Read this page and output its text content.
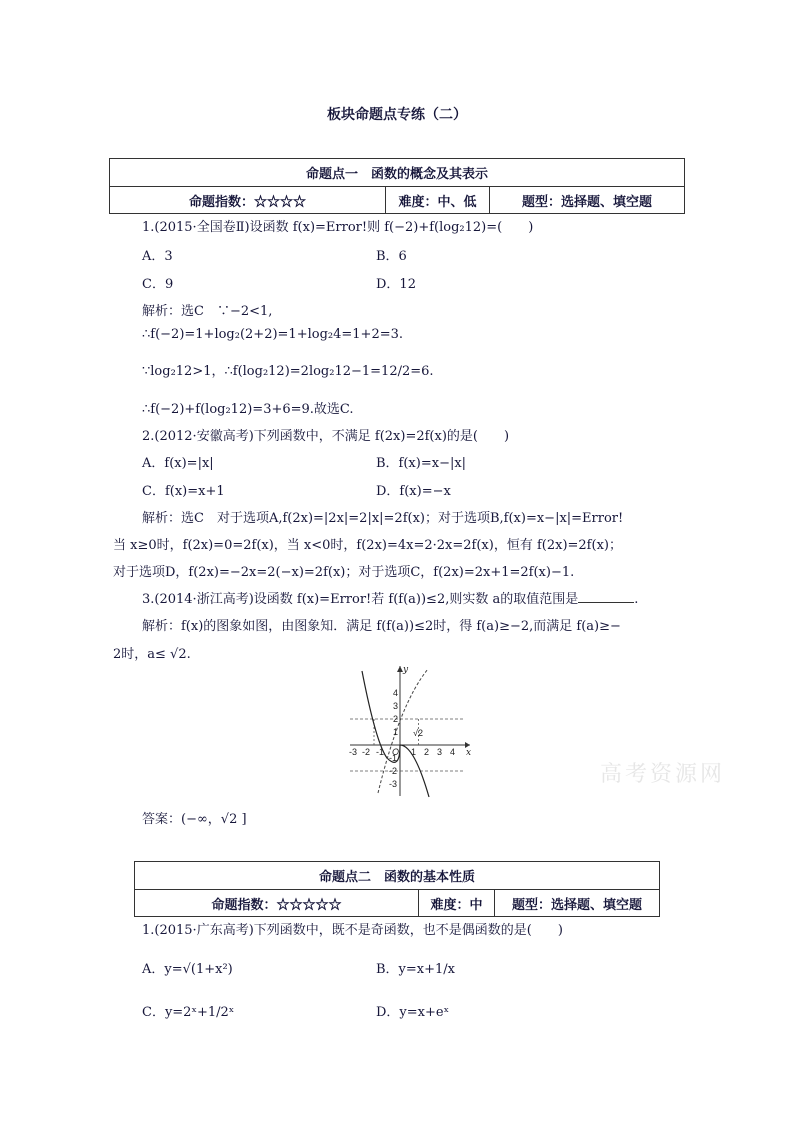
板块命题点专练（二）
命题点一　函数的概念及其表示
命题指数：☆☆☆☆	难度：中、低	题型：选择题、填空题
1.(2015·全国卷Ⅱ)设函数 f(x)=Error!则 f(−2)+f(log₂12)=(　　)
A．3	B．6
C．9	D．12
解析：选C　∵−2<1,
∴f(−2)=1+log₂(2+2)=1+log₂4=1+2=3.
∵log₂12>1，∴f(log₂12)=2log₂12−1=12/2=6.
∴f(−2)+f(log₂12)=3+6=9.故选C.
2.(2012·安徽高考)下列函数中，不满足 f(2x)=2f(x)的是(　　)
A．f(x)=|x|	B．f(x)=x−|x|
C．f(x)=x+1	D．f(x)=−x
解析：选C　对于选项A,f(2x)=|2x|=2|x|=2f(x)；对于选项B,f(x)=x−|x|=Error!
当 x≥0时，f(2x)=0=2f(x)，当 x<0时，f(2x)=4x=2·2x=2f(x)，恒有 f(2x)=2f(x)；
对于选项D，f(2x)=−2x=2(−x)=2f(x)；对于选项C，f(2x)=2x+1=2f(x)−1.
3.(2014·浙江高考)设函数 f(x)=Error!若 f(f(a))≤2,则实数 a的取值范围是	.
解析：f(x)的图象如图，由图象知．满足 f(f(a))≤2时，得 f(a)≥−2,而满足 f(a)≥−
2时，a≤ √2.
y
x
-3 -2 -1 O 1 2 3 4
4
3
2
1
-1
-2
-3
√2
高考资源网
答案：(−∞，√2 ]
命题点二　函数的基本性质
命题指数：☆☆☆☆☆	难度：中	题型：选择题、填空题
1.(2015·广东高考)下列函数中，既不是奇函数，也不是偶函数的是(　　)
A．y=√(1+x²)	B．y=x+1/x
C．y=2ˣ+1/2ˣ	D．y=x+eˣ
